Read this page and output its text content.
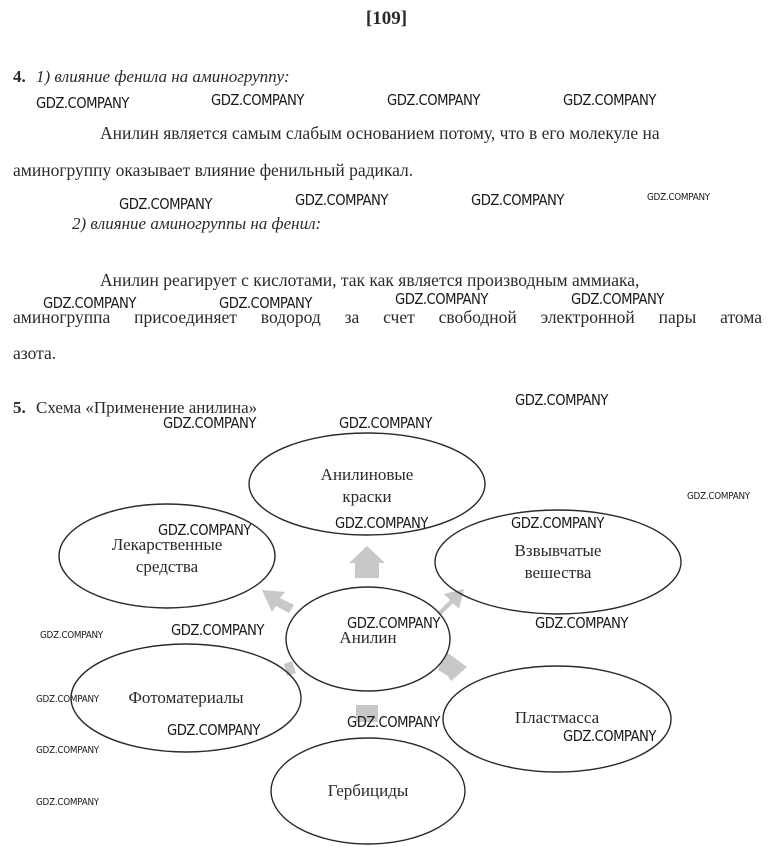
[109]
4. 1) влияние фенила на аминогруппу:
Анилин является самым слабым основанием потому, что в его молекуле на
аминогруппу оказывает влияние фенильный радикал.
2) влияние аминогруппы на фенил:
Анилин реагирует с кислотами, так как является производным аммиака,
аминогруппа присоединяет водород за счет свободной электронной пары атома
азота.
5. Схема «Применение анилина»
Анилиновые
краски
Взвывчатые
вешества
Пластмасса
Гербициды
Фотоматериалы
Лекарственные
средства
Анилин
GDZ.COMPANY	GDZ.COMPANY	GDZ.COMPANY	GDZ.COMPANY
GDZ.COMPANY	GDZ.COMPANY	GDZ.COMPANY	GDZ.COMPANY
GDZ.COMPANY	GDZ.COMPANY	GDZ.COMPANY	GDZ.COMPANY
GDZ.COMPANY
GDZ.COMPANY	GDZ.COMPANY
GDZ.COMPANY
GDZ.COMPANY	GDZ.COMPANY
GDZ.COMPANY
GDZ.COMPANY	GDZ.COMPANY
GDZ.COMPANY	GDZ.COMPANY
GDZ.COMPANY
GDZ.COMPANY
GDZ.COMPANY	GDZ.COMPANY
GDZ.COMPANY
GDZ.COMPANY
